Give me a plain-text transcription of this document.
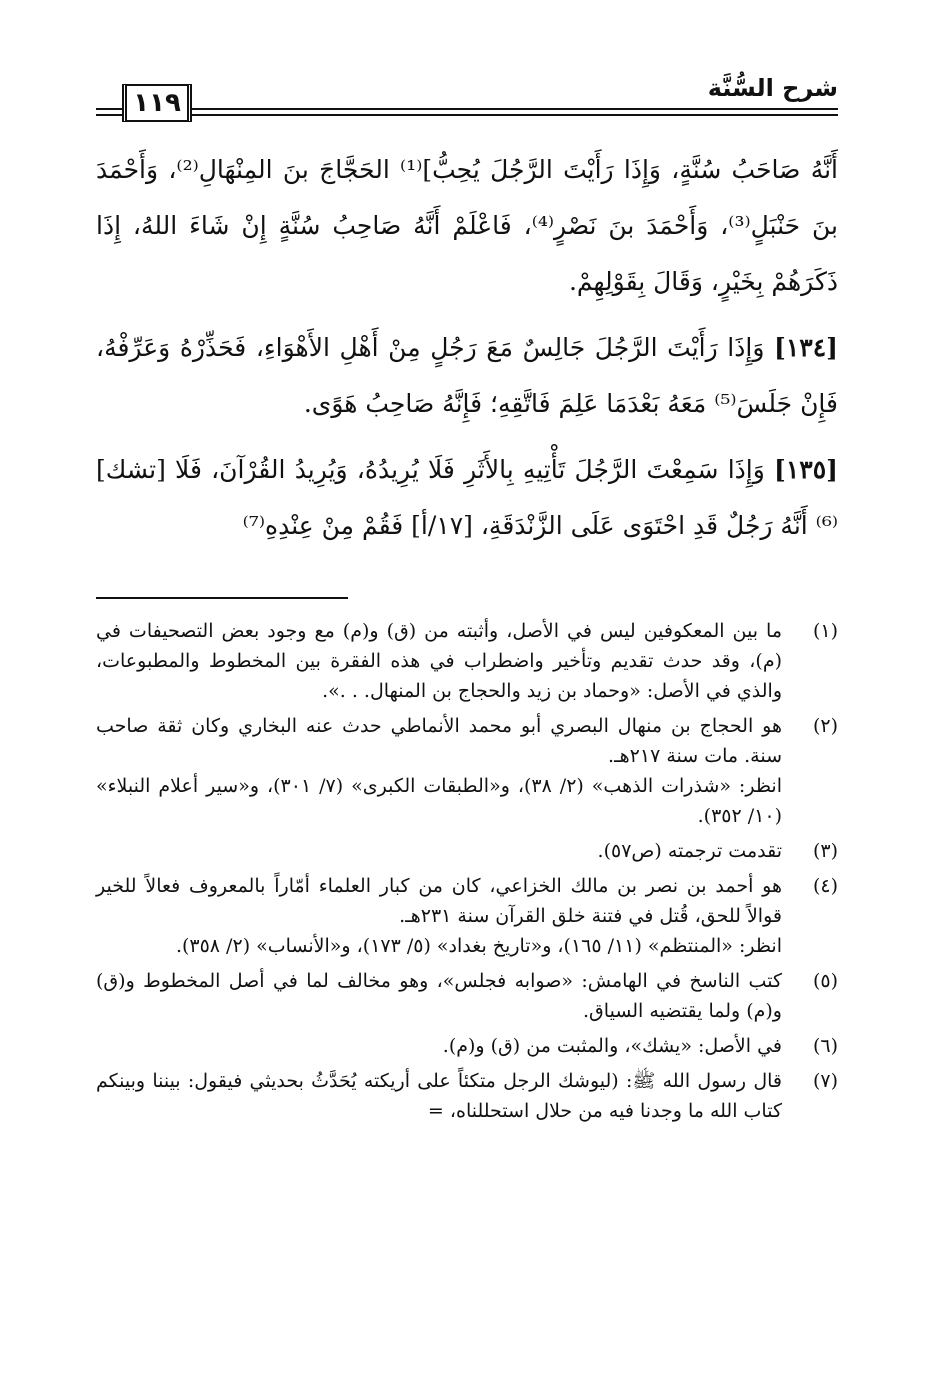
شرح السُّنَّة
١١٩

أَنَّهُ صَاحَبُ سُنَّةٍ، وَإِذَا رَأَيْتَ الرَّجُلَ يُحِبُّ]⁽¹⁾ الحَجَّاجَ بنَ المِنْهَالِ⁽²⁾، وَأَحْمَدَ بنَ حَنْبَلٍ⁽³⁾، وَأَحْمَدَ بنَ نَصْرٍ⁽⁴⁾، فَاعْلَمْ أَنَّهُ صَاحِبُ سُنَّةٍ إِنْ شَاءَ اللهُ، إِذَا ذَكَرَهُمْ بِخَيْرٍ، وَقَالَ بِقَوْلِهِمْ.

[١٣٤] وَإِذَا رَأَيْتَ الرَّجُلَ جَالِسٌ مَعَ رَجُلٍ مِنْ أَهْلِ الأَهْوَاءِ، فَحَذِّرْهُ وَعَرِّفْهُ، فَإِنْ جَلَسَ⁽⁵⁾ مَعَهُ بَعْدَمَا عَلِمَ فَاتَّقِهِ؛ فَإِنَّهُ صَاحِبُ هَوًى.

[١٣٥] وَإِذَا سَمِعْتَ الرَّجُلَ تَأْتِيهِ بِالأَثَرِ فَلَا يُرِيدُهُ، وَيُرِيدُ القُرْآنَ، فَلَا [تشك]⁽⁶⁾ أَنَّهُ رَجُلٌ قَدِ احْتَوَى عَلَى الزَّنْدَقَةِ، [١٧/أ] فَقُمْ مِنْ عِنْدِهِ⁽⁷⁾

(١)
ما بين المعكوفين ليس في الأصل، وأثبته من (ق) و(م) مع وجود بعض التصحيفات في (م)، وقد حدث تقديم وتأخير واضطراب في هذه الفقرة بين المخطوط والمطبوعات، والذي في الأصل: «وحماد بن زيد والحجاج بن المنهال. . .».
(٢)
هو الحجاج بن منهال البصري أبو محمد الأنماطي حدث عنه البخاري وكان ثقة صاحب سنة. مات سنة ٢١٧هـ.
انظر: «شذرات الذهب» (٢/ ٣٨)، و«الطبقات الكبرى» (٧/ ٣٠١)، و«سير أعلام النبلاء» (١٠/ ٣٥٢).
(٣)
تقدمت ترجمته (ص٥٧).
(٤)
هو أحمد بن نصر بن مالك الخزاعي، كان من كبار العلماء أمّاراً بالمعروف فعالاً للخير قوالاً للحق، قُتل في فتنة خلق القرآن سنة ٢٣١هـ.
انظر: «المنتظم» (١١/ ١٦٥)، و«تاريخ بغداد» (٥/ ١٧٣)، و«الأنساب» (٢/ ٣٥٨).
(٥)
كتب الناسخ في الهامش: «صوابه فجلس»، وهو مخالف لما في أصل المخطوط و(ق) و(م) ولما يقتضيه السياق.
(٦)
في الأصل: «يشك»، والمثبت من (ق) و(م).
(٧)
قال رسول الله ﷺ: (ليوشك الرجل متكئاً على أريكته يُحَدَّثُ بحديثي فيقول: بيننا وبينكم كتاب الله ما وجدنا فيه من حلال استحللناه، =
